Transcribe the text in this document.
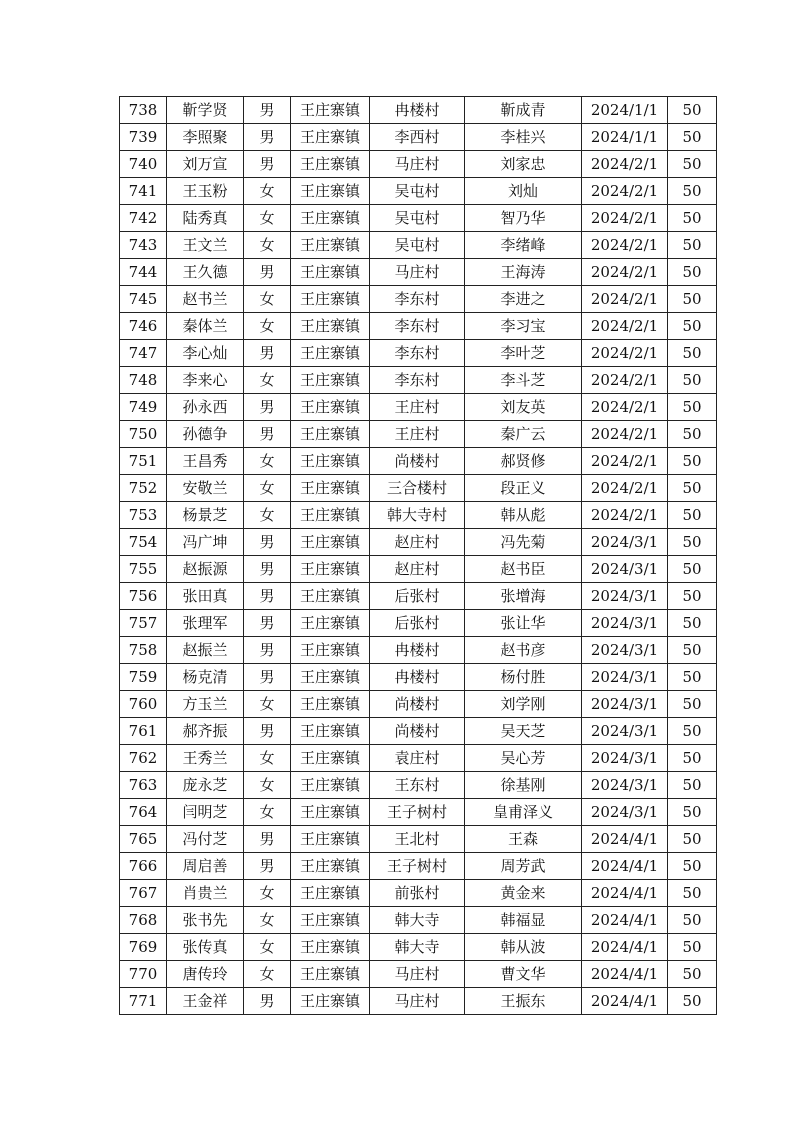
738	靳学贤	男	王庄寨镇	冉楼村	靳成青	2024/1/1	50
739	李照聚	男	王庄寨镇	李西村	李桂兴	2024/1/1	50
740	刘万宣	男	王庄寨镇	马庄村	刘家忠	2024/2/1	50
741	王玉粉	女	王庄寨镇	吴屯村	刘灿	2024/2/1	50
742	陆秀真	女	王庄寨镇	吴屯村	智乃华	2024/2/1	50
743	王文兰	女	王庄寨镇	吴屯村	李绪峰	2024/2/1	50
744	王久德	男	王庄寨镇	马庄村	王海涛	2024/2/1	50
745	赵书兰	女	王庄寨镇	李东村	李进之	2024/2/1	50
746	秦体兰	女	王庄寨镇	李东村	李习宝	2024/2/1	50
747	李心灿	男	王庄寨镇	李东村	李叶芝	2024/2/1	50
748	李来心	女	王庄寨镇	李东村	李斗芝	2024/2/1	50
749	孙永西	男	王庄寨镇	王庄村	刘友英	2024/2/1	50
750	孙德争	男	王庄寨镇	王庄村	秦广云	2024/2/1	50
751	王昌秀	女	王庄寨镇	尚楼村	郝贤修	2024/2/1	50
752	安敬兰	女	王庄寨镇	三合楼村	段正义	2024/2/1	50
753	杨景芝	女	王庄寨镇	韩大寺村	韩从彪	2024/2/1	50
754	冯广坤	男	王庄寨镇	赵庄村	冯先菊	2024/3/1	50
755	赵振源	男	王庄寨镇	赵庄村	赵书臣	2024/3/1	50
756	张田真	男	王庄寨镇	后张村	张增海	2024/3/1	50
757	张理军	男	王庄寨镇	后张村	张让华	2024/3/1	50
758	赵振兰	男	王庄寨镇	冉楼村	赵书彦	2024/3/1	50
759	杨克清	男	王庄寨镇	冉楼村	杨付胜	2024/3/1	50
760	方玉兰	女	王庄寨镇	尚楼村	刘学刚	2024/3/1	50
761	郝齐振	男	王庄寨镇	尚楼村	吴天芝	2024/3/1	50
762	王秀兰	女	王庄寨镇	袁庄村	吴心芳	2024/3/1	50
763	庞永芝	女	王庄寨镇	王东村	徐基刚	2024/3/1	50
764	闫明芝	女	王庄寨镇	王子树村	皇甫泽义	2024/3/1	50
765	冯付芝	男	王庄寨镇	王北村	王森	2024/4/1	50
766	周启善	男	王庄寨镇	王子树村	周芳武	2024/4/1	50
767	肖贵兰	女	王庄寨镇	前张村	黄金来	2024/4/1	50
768	张书先	女	王庄寨镇	韩大寺	韩福显	2024/4/1	50
769	张传真	女	王庄寨镇	韩大寺	韩从波	2024/4/1	50
770	唐传玲	女	王庄寨镇	马庄村	曹文华	2024/4/1	50
771	王金祥	男	王庄寨镇	马庄村	王振东	2024/4/1	50
